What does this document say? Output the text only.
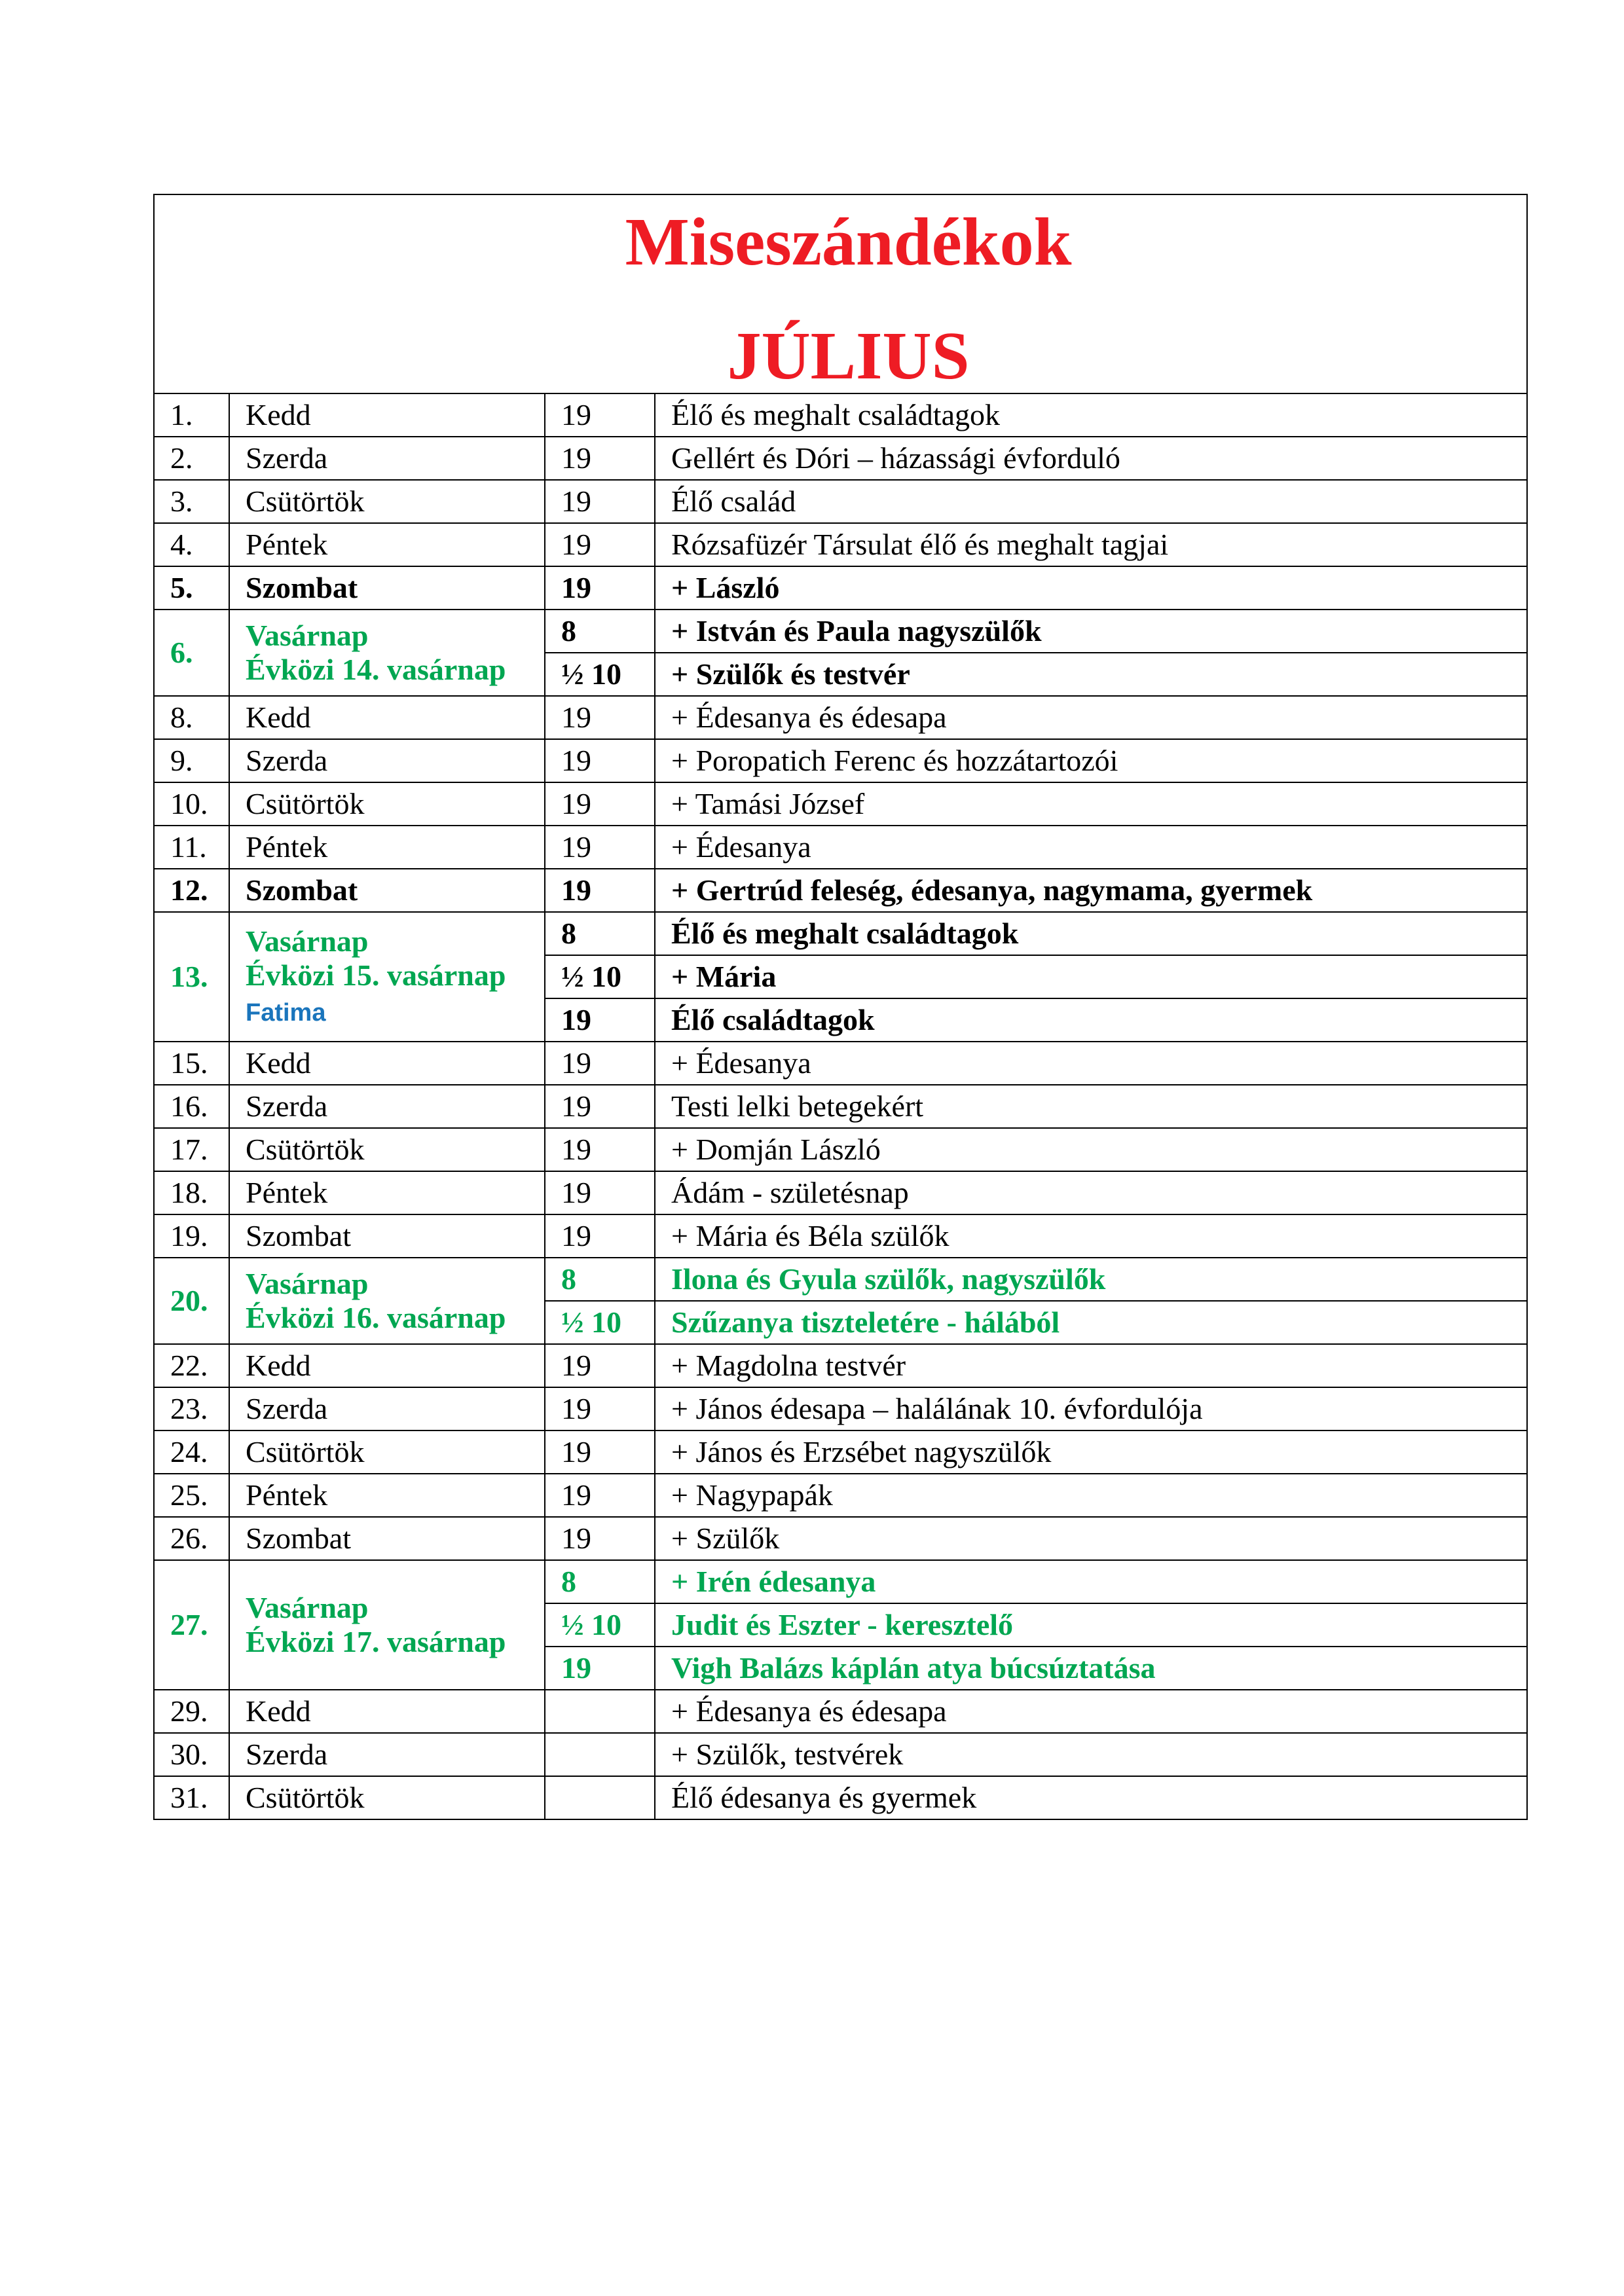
Miseszándékok
JÚLIUS			

1.	Kedd	19	Élő és meghalt családtagok
2.	Szerda	19	Gellért és Dóri – házassági évforduló
3.	Csütörtök	19	Élő család
4.	Péntek	19	Rózsafüzér Társulat élő és meghalt tagjai
5.	Szombat	19	+ László
6.	Vasárnap
Évközi 14. vasárnap	8	+ István és Paula nagyszülők
		½ 10	+ Szülők és testvér
8.	Kedd	19	+ Édesanya és édesapa
9.	Szerda	19	+ Poropatich Ferenc és hozzátartozói
10.	Csütörtök	19	+ Tamási József
11.	Péntek	19	+ Édesanya
12.	Szombat	19	+ Gertrúd feleség, édesanya, nagymama, gyermek
13.	Vasárnap
Évközi 15. vasárnap
Fatima	8	Élő és meghalt családtagok
		½ 10	+ Mária
		19	Élő családtagok
15.	Kedd	19	+ Édesanya
16.	Szerda	19	Testi lelki betegekért
17.	Csütörtök	19	+ Domján László
18.	Péntek	19	Ádám - születésnap
19.	Szombat	19	+ Mária és Béla szülők
20.	Vasárnap
Évközi 16. vasárnap	8	Ilona és Gyula szülők, nagyszülők
		½ 10	Szűzanya tiszteletére - hálából
22.	Kedd	19	+ Magdolna testvér
23.	Szerda	19	+ János édesapa – halálának 10. évfordulója
24.	Csütörtök	19	+ János és Erzsébet nagyszülők
25.	Péntek	19	+ Nagypapák
26.	Szombat	19	+ Szülők
27.	Vasárnap
Évközi 17. vasárnap	8	+ Irén édesanya
		½ 10	Judit és Eszter - keresztelő
		19	Vigh Balázs káplán atya búcsúztatása
29.	Kedd		+ Édesanya és édesapa
30.	Szerda		+ Szülők, testvérek
31.	Csütörtök		Élő édesanya és gyermek
